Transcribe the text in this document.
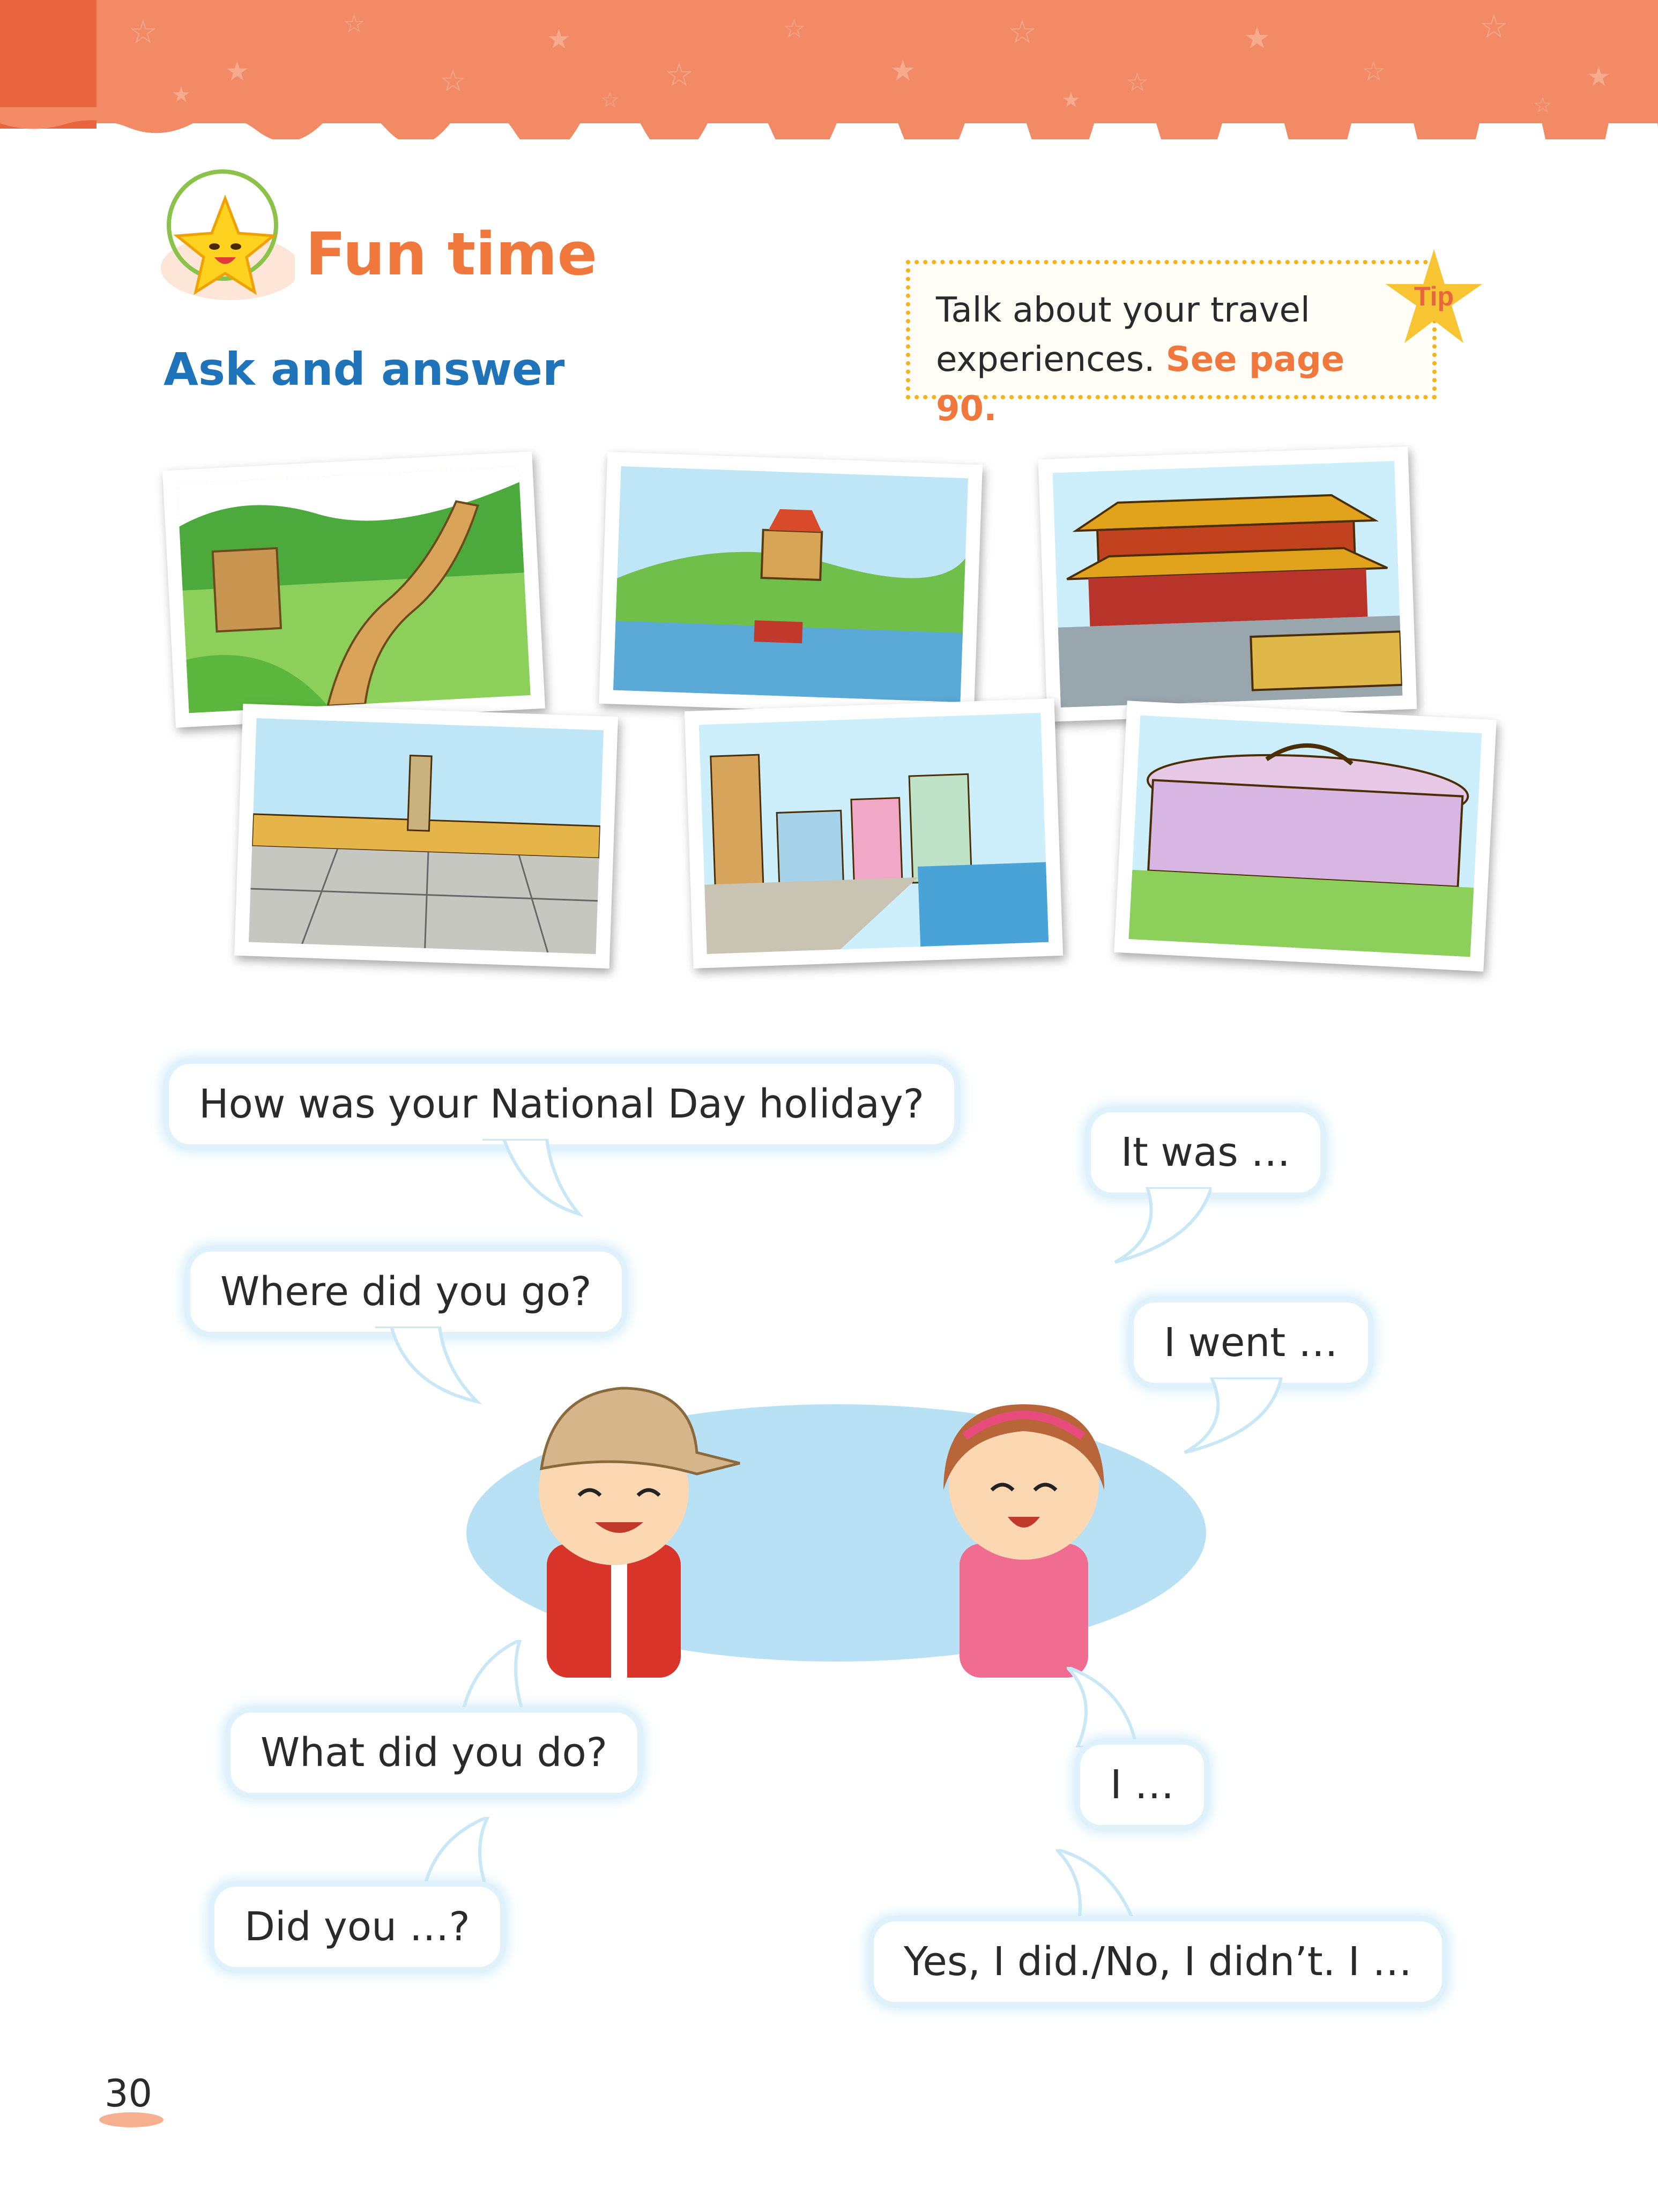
☆
★
☆
☆
★
☆
☆
★
☆
☆
★
☆
☆
★
★	☆	★	☆
Fun time
Ask and answer
Talk about your travel experiences. See page 90.
Tip
How was your National Day holiday?
It was …
Where did you go?
I went …
What did you do?
I …
Did you …?
Yes, I did./No, I didn’t. I …
30
